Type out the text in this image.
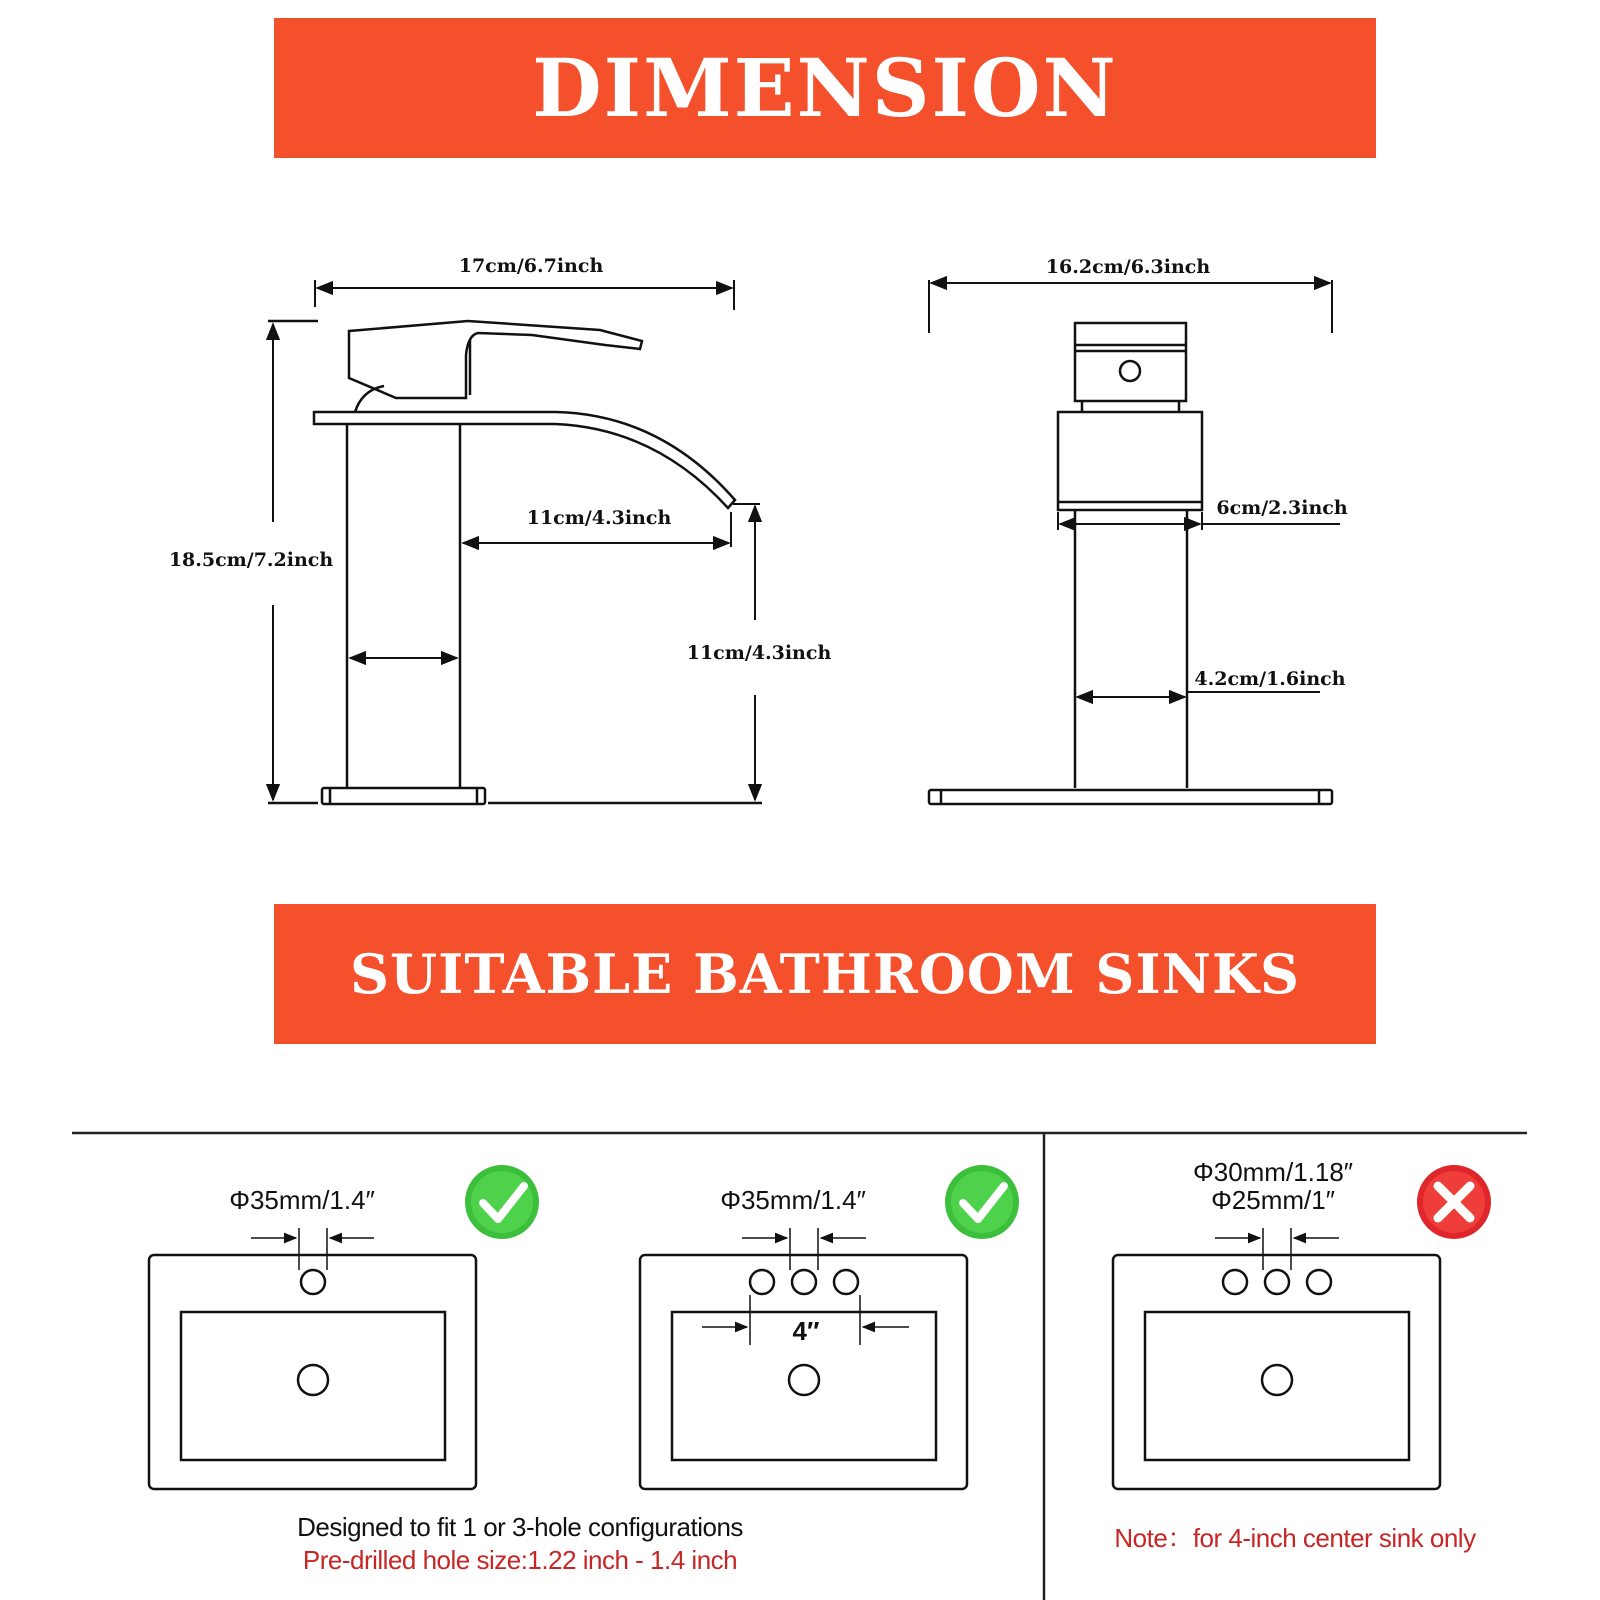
DIMENSION
SUITABLE BATHROOM SINKS
17cm/6.7inch
18.5cm/7.2inch
11cm/4.3inch
11cm/4.3inch
16.2cm/6.3inch
6cm/2.3inch
4.2cm/1.6inch
Φ35mm/1.4″	Φ35mm/1.4″
4″
Φ30mm/1.18″
Φ25mm/1″
Designed to fit 1 or 3-hole configurations
Pre-drilled hole size:1.22 inch - 1.4 inch
Note：for 4-inch center sink only
